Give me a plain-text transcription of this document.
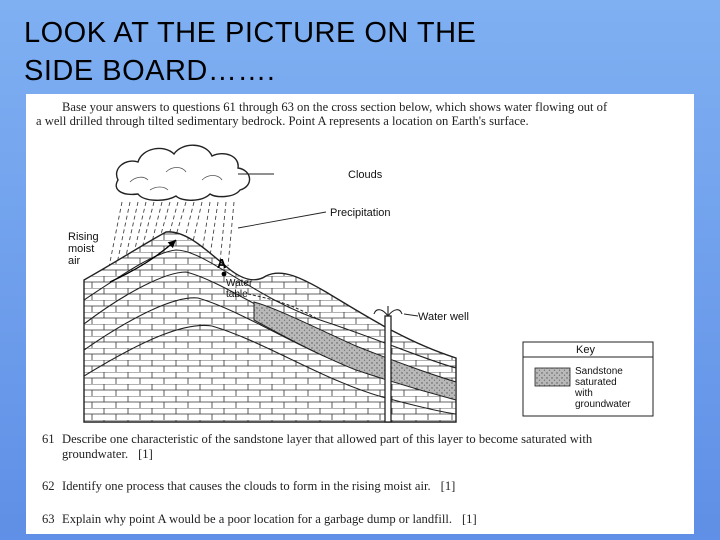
LOOK AT THE PICTURE ON THE
SIDE BOARD…….
Base your answers to questions 61 through 63 on the cross section below, which shows water flowing out of
a well drilled through tilted sedimentary bedrock. Point A represents a location on Earth's surface.
Clouds
Precipitation
Rising
moist
air	A
Water
table
Water well
Key
Sandstone
saturated
with
groundwater
61 Describe one characteristic of the sandstone layer that allowed part of this layer to become saturated with
groundwater. [1]
62 Identify one process that causes the clouds to form in the rising moist air. [1]
63 Explain why point A would be a poor location for a garbage dump or landfill. [1]
